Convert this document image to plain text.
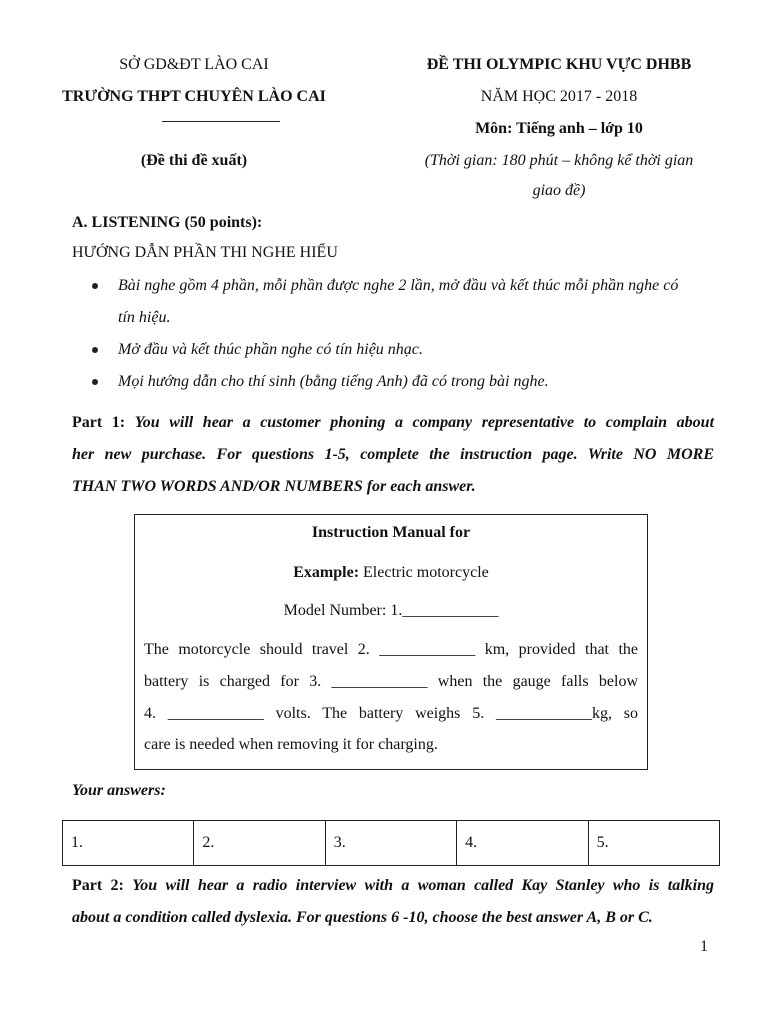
SỞ GD&ĐT LÀO CAI
TRƯỜNG THPT CHUYÊN LÀO CAI
(Đề thi đề xuất)
ĐỀ THI OLYMPIC KHU VỰC DHBB
NĂM HỌC 2017 - 2018
Môn: Tiếng anh – lớp 10
(Thời gian: 180 phút – không kể thời gian
giao đề)
A. LISTENING (50 points):
HƯỚNG DẪN PHẦN THI NGHE HIỂU
Bài nghe gồm 4 phần, mỗi phần được nghe 2 lần, mở đầu và kết thúc mỗi phần nghe có
tín hiệu.
Mở đầu và kết thúc phần nghe có tín hiệu nhạc.
Mọi hướng dẫn cho thí sinh (bằng tiếng Anh) đã có trong bài nghe.
Part 1: You will hear a customer phoning a company representative to complain about
her new purchase. For questions 1-5, complete the instruction page. Write NO MORE
THAN TWO WORDS AND/OR NUMBERS for each answer.
Instruction Manual for
Example: Electric motorcycle
Model Number: 1.____________
The motorcycle should travel 2. ____________ km, provided that the
battery is charged for 3. ____________ when the gauge falls below
4. ____________ volts. The battery weighs 5. ____________kg, so
care is needed when removing it for charging.
Your answers:
1.	2.	3.	4.	5.
Part 2: You will hear a radio interview with a woman called Kay Stanley who is talking
about a condition called dyslexia. For questions 6 -10, choose the best answer A, B or C.
1
